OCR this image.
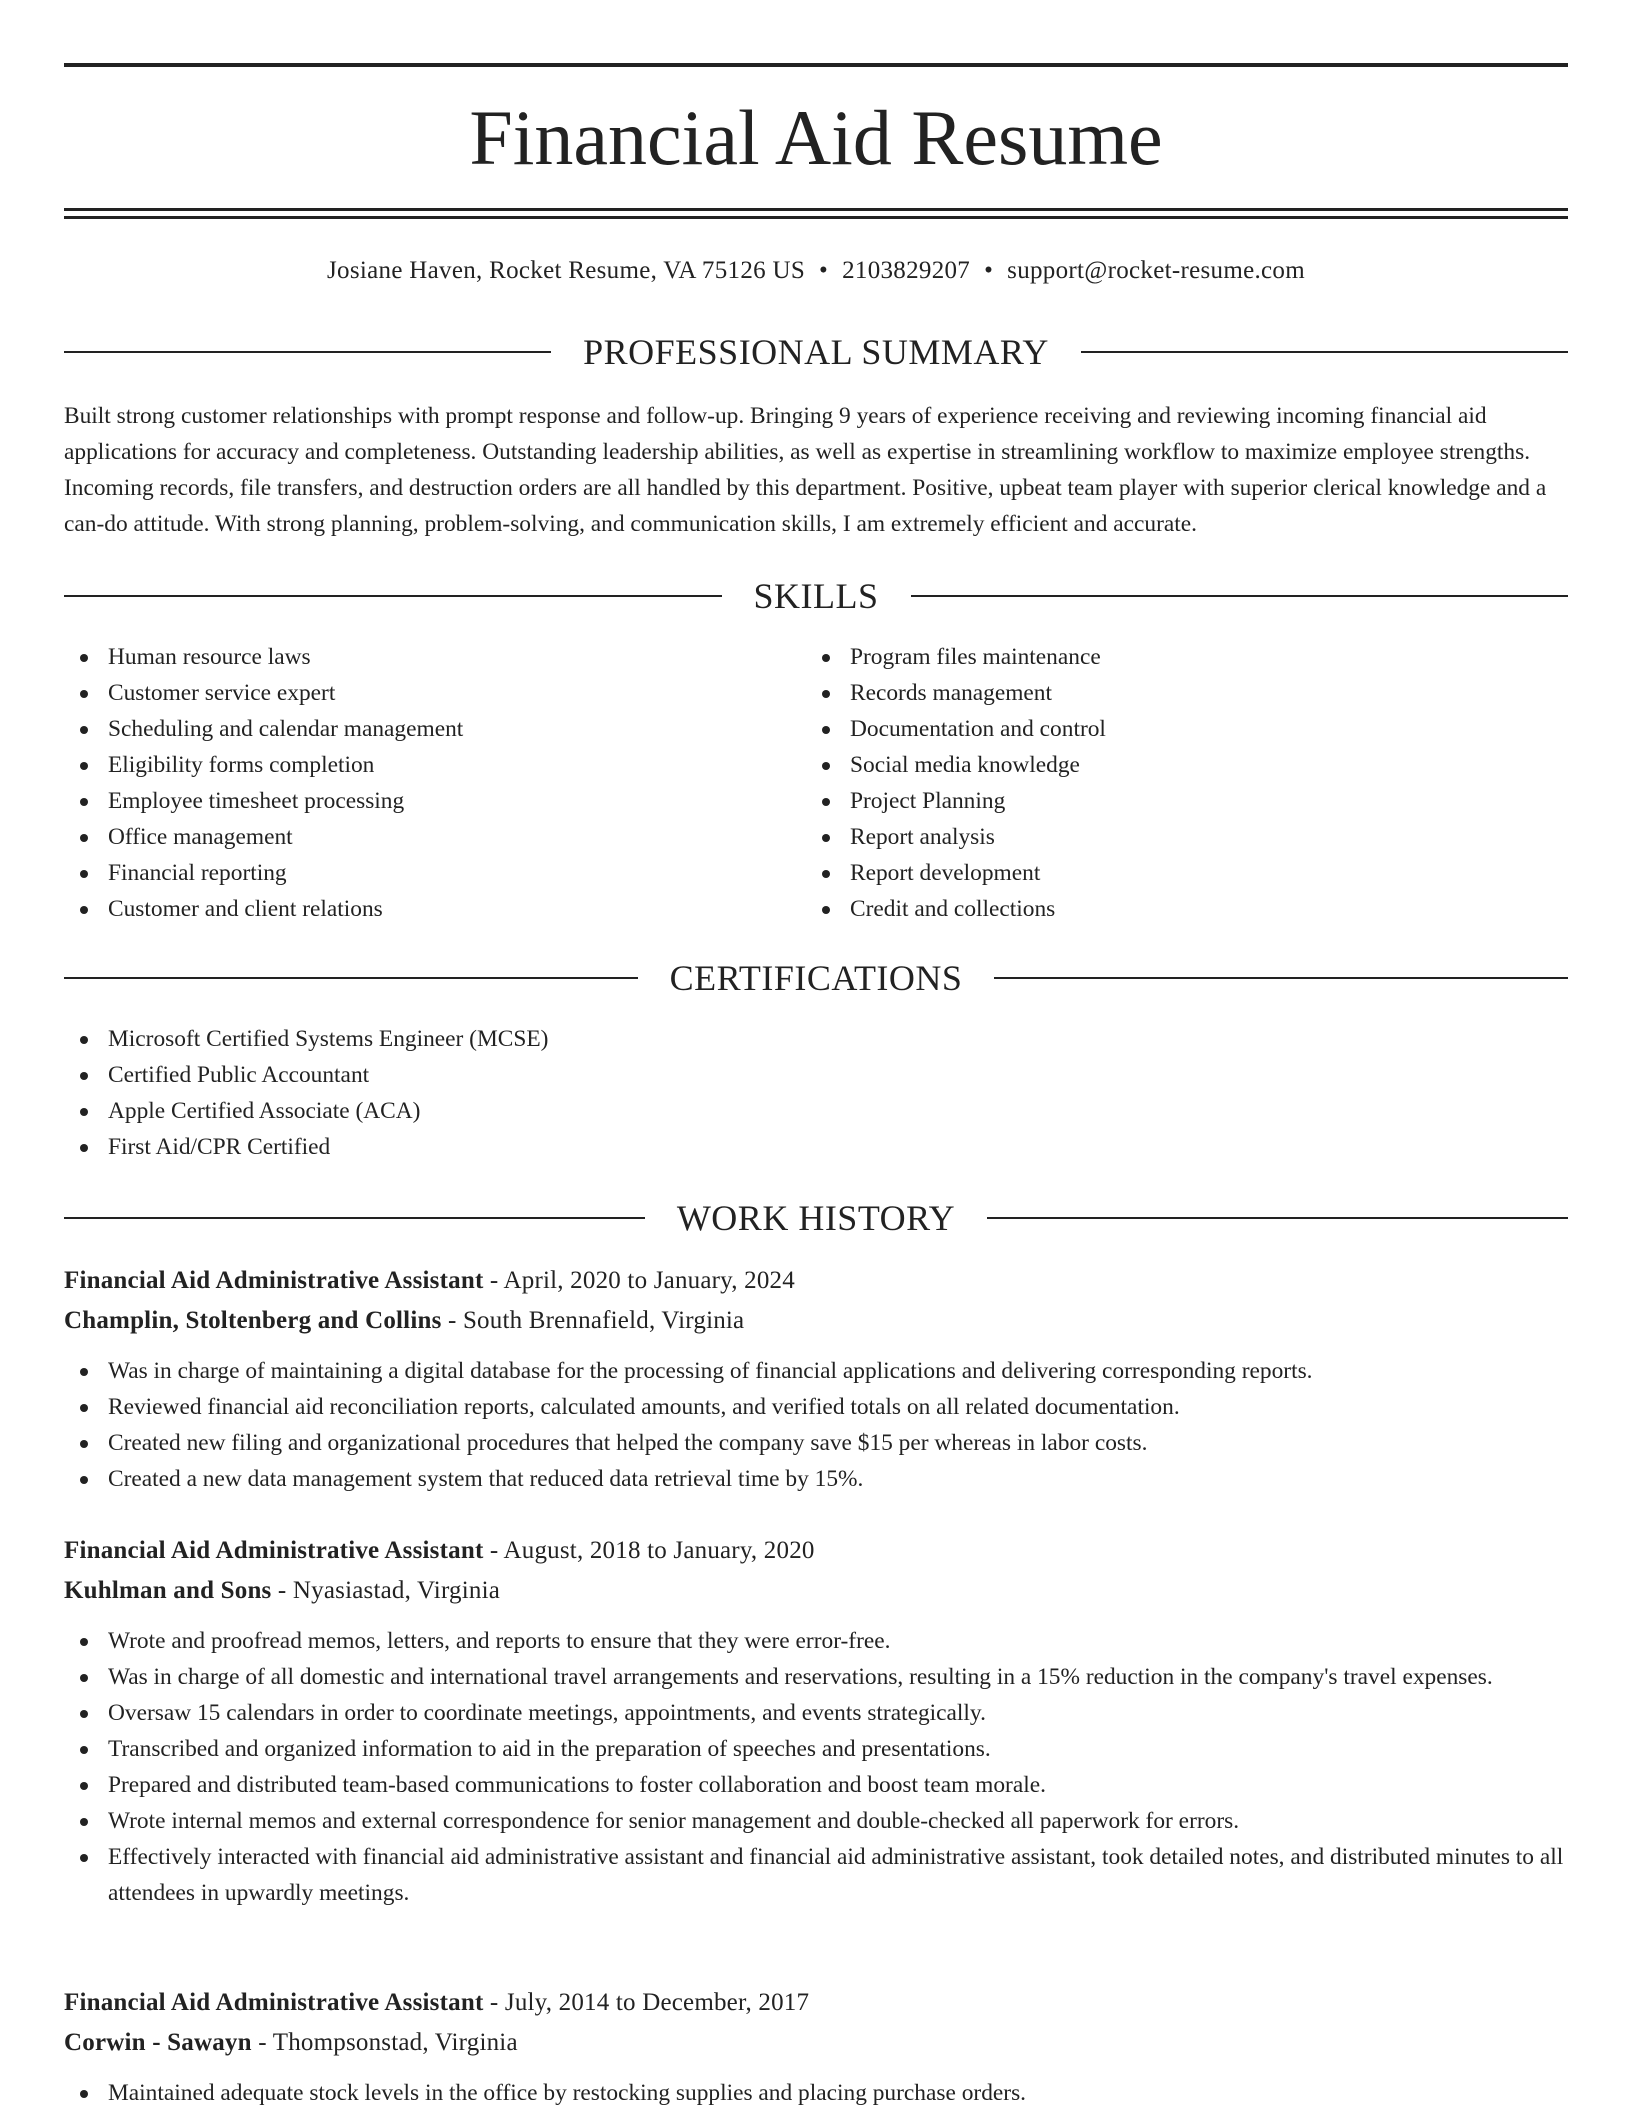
Financial Aid Resume
Josiane Haven, Rocket Resume, VA 75126 US • 2103829207 • support@rocket-resume.com
PROFESSIONAL SUMMARY

Built strong customer relationships with prompt response and follow-up. Bringing 9 years of experience receiving and reviewing incoming financial aid applications for accuracy and completeness. Outstanding leadership abilities, as well as expertise in streamlining workflow to maximize employee strengths. Incoming records, file transfers, and destruction orders are all handled by this department. Positive, upbeat team player with superior clerical knowledge and a can-do attitude. With strong planning, problem-solving, and communication skills, I am extremely efficient and accurate.

SKILLS
Human resource laws
Customer service expert
Scheduling and calendar management
Eligibility forms completion
Employee timesheet processing
Office management
Financial reporting
Customer and client relations
Program files maintenance
Records management
Documentation and control
Social media knowledge
Project Planning
Report analysis
Report development
Credit and collections
CERTIFICATIONS
Microsoft Certified Systems Engineer (MCSE)
Certified Public Accountant
Apple Certified Associate (ACA)
First Aid/CPR Certified
WORK HISTORY
Financial Aid Administrative Assistant - April, 2020 to January, 2024
Champlin, Stoltenberg and Collins - South Brennafield, Virginia
Was in charge of maintaining a digital database for the processing of financial applications and delivering corresponding reports.
Reviewed financial aid reconciliation reports, calculated amounts, and verified totals on all related documentation.
Created new filing and organizational procedures that helped the company save $15 per whereas in labor costs.
Created a new data management system that reduced data retrieval time by 15%.
Financial Aid Administrative Assistant - August, 2018 to January, 2020
Kuhlman and Sons - Nyasiastad, Virginia
Wrote and proofread memos, letters, and reports to ensure that they were error-free.
Was in charge of all domestic and international travel arrangements and reservations, resulting in a 15% reduction in the company's travel expenses.
Oversaw 15 calendars in order to coordinate meetings, appointments, and events strategically.
Transcribed and organized information to aid in the preparation of speeches and presentations.
Prepared and distributed team-based communications to foster collaboration and boost team morale.
Wrote internal memos and external correspondence for senior management and double-checked all paperwork for errors.
Effectively interacted with financial aid administrative assistant and financial aid administrative assistant, took detailed notes, and distributed minutes to all attendees in upwardly meetings.
Financial Aid Administrative Assistant - July, 2014 to December, 2017
Corwin - Sawayn - Thompsonstad, Virginia
Maintained adequate stock levels in the office by restocking supplies and placing purchase orders.
